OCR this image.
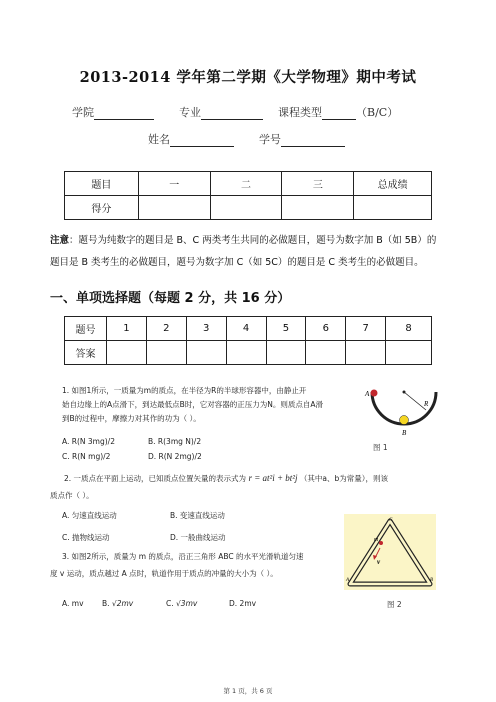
2013-2014 学年第二学期《大学物理》期中考试
学院	专业	课程类型	（B/C）
姓名	学号
题目	一	二	三	总成绩
得分				
注意：题号为纯数字的题目是 B、C 两类考生共同的必做题目，题号为数字加 B（如 5B）的题目是 B 类考生的必做题目，题号为数字加 C（如 5C）的题目是 C 类考生的必做题目。
一、单项选择题（每题 2 分，共 16 分）
题号	1	2	3	4	5	6	7	8
答案								
1. 如图1所示，一质量为m的质点，在半径为R的半球形容器中，由静止开
始自边缘上的A点滑下，到达最低点B时，它对容器的正压力为N。则质点自A滑
到B的过程中，摩擦力对其作的功为（ ）。
A. R(N 3mg)/2	B. R(3mg N)/2
C. R(N mg)/2	D. R(N 2mg)/2
A
R
B
图 1
2. 一质点在平面上运动，已知质点位置矢量的表示式为 r = at²i + bt²j （其中a、b为常量），则该
质点作（ ）。
A. 匀速直线运动	B. 变速直线运动
C. 抛物线运动	D. 一般曲线运动
3. 如图2所示，质量为 m 的质点，沿正三角形 ABC 的水平光滑轨道匀速
度 v 运动，质点越过 A 点时，轨道作用于质点的冲量的大小为（ ）。
A. mv B. √2mv	C. √3mv	D. 2mv
C
m
v
A	B
图 2
第 1 页，共 6 页
